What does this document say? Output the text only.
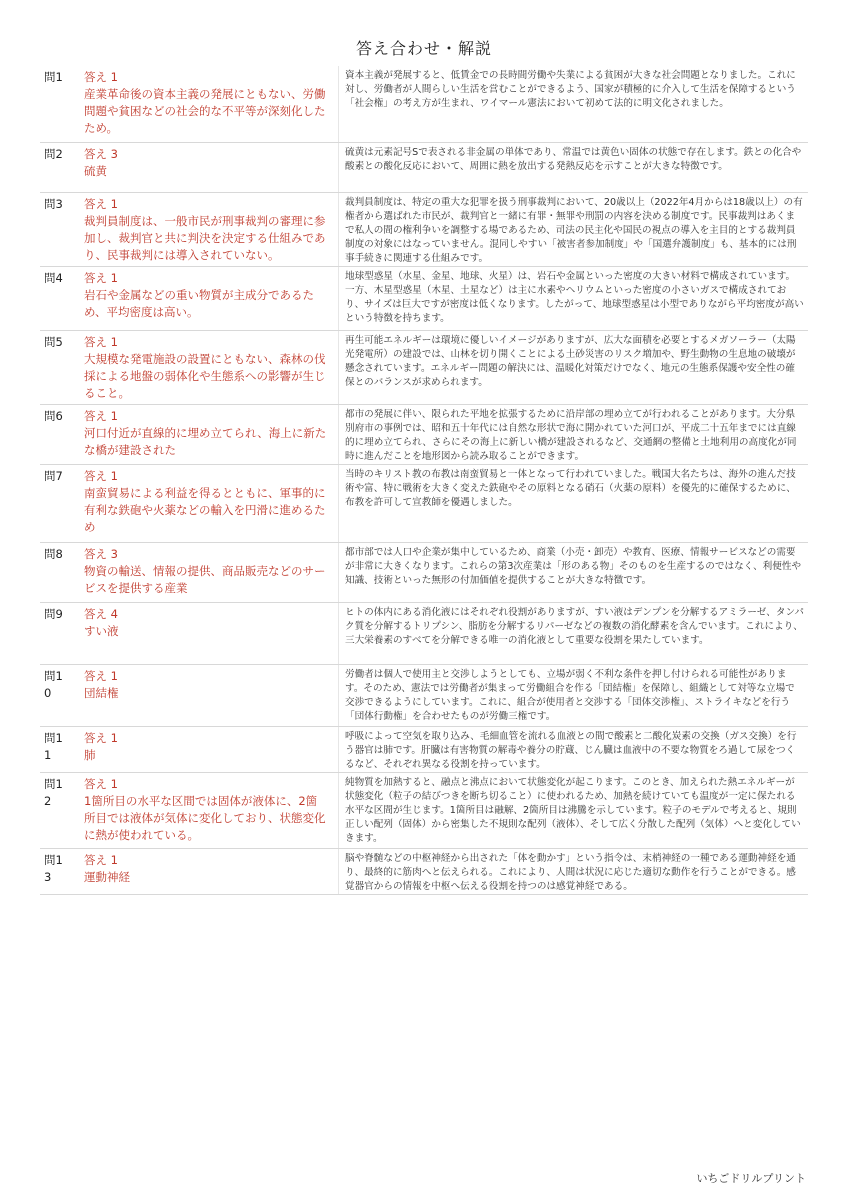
答え合わせ・解説
問1	答え 1
産業革命後の資本主義の発展にともない、労働問題や貧困などの社会的な不平等が深刻化したため。
資本主義が発展すると、低賃金での長時間労働や失業による貧困が大きな社会問題となりました。これに対し、労働者が人間らしい生活を営むことができるよう、国家が積極的に介入して生活を保障するという「社会権」の考え方が生まれ、ワイマール憲法において初めて法的に明文化されました。
問2	答え 3
硫黄
硫黄は元素記号Sで表される非金属の単体であり、常温では黄色い固体の状態で存在します。鉄との化合や酸素との酸化反応において、周囲に熱を放出する発熱反応を示すことが大きな特徴です。
問3	答え 1
裁判員制度は、一般市民が刑事裁判の審理に参加し、裁判官と共に判決を決定する仕組みであり、民事裁判には導入されていない。
裁判員制度は、特定の重大な犯罪を扱う刑事裁判において、20歳以上（2022年4月からは18歳以上）の有権者から選ばれた市民が、裁判官と一緒に有罪・無罪や刑罰の内容を決める制度です。民事裁判はあくまで私人の間の権利争いを調整する場であるため、司法の民主化や国民の視点の導入を主目的とする裁判員制度の対象にはなっていません。混同しやすい「被害者参加制度」や「国選弁護制度」も、基本的には刑事手続きに関連する仕組みです。
問4	答え 1
岩石や金属などの重い物質が主成分であるため、平均密度は高い。
地球型惑星（水星、金星、地球、火星）は、岩石や金属といった密度の大きい材料で構成されています。一方、木星型惑星（木星、土星など）は主に水素やヘリウムといった密度の小さいガスで構成されており、サイズは巨大ですが密度は低くなります。したがって、地球型惑星は小型でありながら平均密度が高いという特徴を持ちます。
問5	答え 1
大規模な発電施設の設置にともない、森林の伐採による地盤の弱体化や生態系への影響が生じること。
再生可能エネルギーは環境に優しいイメージがありますが、広大な面積を必要とするメガソーラー（太陽光発電所）の建設では、山林を切り開くことによる土砂災害のリスク増加や、野生動物の生息地の破壊が懸念されています。エネルギー問題の解決には、温暖化対策だけでなく、地元の生態系保護や安全性の確保とのバランスが求められます。
問6	答え 1
河口付近が直線的に埋め立てられ、海上に新たな橋が建設された
都市の発展に伴い、限られた平地を拡張するために沿岸部の埋め立てが行われることがあります。大分県別府市の事例では、昭和五十年代には自然な形状で海に開かれていた河口が、平成二十五年までには直線的に埋め立てられ、さらにその海上に新しい橋が建設されるなど、交通網の整備と土地利用の高度化が同時に進んだことを地形図から読み取ることができます。
問7	答え 1
南蛮貿易による利益を得るとともに、軍事的に有利な鉄砲や火薬などの輸入を円滑に進めるため
当時のキリスト教の布教は南蛮貿易と一体となって行われていました。戦国大名たちは、海外の進んだ技術や富、特に戦術を大きく変えた鉄砲やその原料となる硝石（火薬の原料）を優先的に確保するために、布教を許可して宣教師を優遇しました。
問8	答え 3
物資の輸送、情報の提供、商品販売などのサービスを提供する産業
都市部では人口や企業が集中しているため、商業（小売・卸売）や教育、医療、情報サービスなどの需要が非常に大きくなります。これらの第3次産業は「形のある物」そのものを生産するのではなく、利便性や知識、技術といった無形の付加価値を提供することが大きな特徴です。
問9	答え 4
すい液
ヒトの体内にある消化液にはそれぞれ役割がありますが、すい液はデンプンを分解するアミラーゼ、タンパク質を分解するトリプシン、脂肪を分解するリパーゼなどの複数の消化酵素を含んでいます。これにより、三大栄養素のすべてを分解できる唯一の消化液として重要な役割を果たしています。
問10
答え 1
団結権
労働者は個人で使用主と交渉しようとしても、立場が弱く不利な条件を押し付けられる可能性があります。そのため、憲法では労働者が集まって労働組合を作る「団結権」を保障し、組織として対等な立場で交渉できるようにしています。これに、組合が使用者と交渉する「団体交渉権」、ストライキなどを行う「団体行動権」を合わせたものが労働三権です。
問11
答え 1
肺
呼吸によって空気を取り込み、毛細血管を流れる血液との間で酸素と二酸化炭素の交換（ガス交換）を行う器官は肺です。肝臓は有害物質の解毒や養分の貯蔵、じん臓は血液中の不要な物質をろ過して尿をつくるなど、それぞれ異なる役割を持っています。
問12
答え 1
1箇所目の水平な区間では固体が液体に、2箇所目では液体が気体に変化しており、状態変化に熱が使われている。
純物質を加熱すると、融点と沸点において状態変化が起こります。このとき、加えられた熱エネルギーが状態変化（粒子の結びつきを断ち切ること）に使われるため、加熱を続けていても温度が一定に保たれる水平な区間が生じます。1箇所目は融解、2箇所目は沸騰を示しています。粒子のモデルで考えると、規則正しい配列（固体）から密集した不規則な配列（液体）、そして広く分散した配列（気体）へと変化していきます。
問13
答え 1
運動神経
脳や脊髄などの中枢神経から出された「体を動かす」という指令は、末梢神経の一種である運動神経を通り、最終的に筋肉へと伝えられる。これにより、人間は状況に応じた適切な動作を行うことができる。感覚器官からの情報を中枢へ伝える役割を持つのは感覚神経である。
いちごドリルプリント
